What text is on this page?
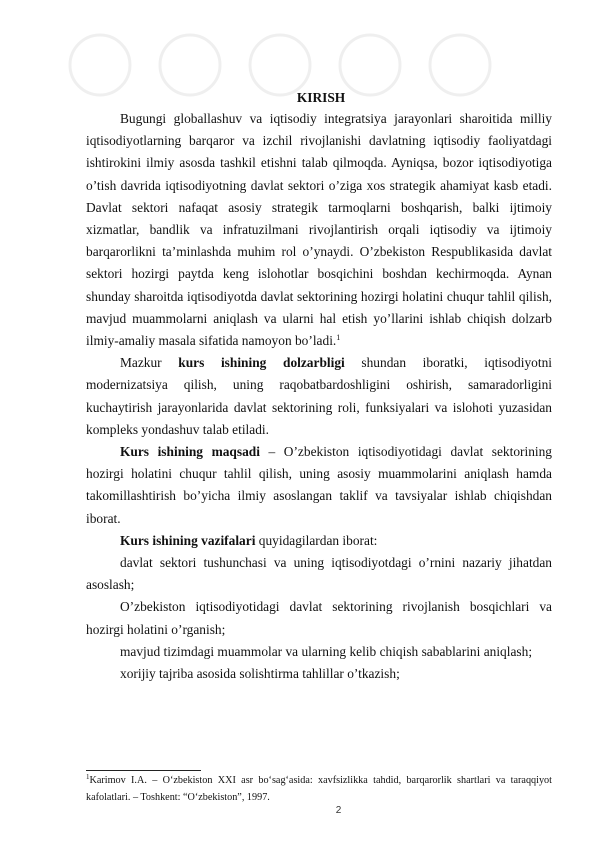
KIRISH

Bugungi globallashuv va iqtisodiy integratsiya jarayonlari sharoitida milliy iqtisodiyotlarning barqaror va izchil rivojlanishi davlatning iqtisodiy faoliyatdagi ishtirokini ilmiy asosda tashkil etishni talab qilmoqda. Ayniqsa, bozor iqtisodiyotiga o’tish davrida iqtisodiyotning davlat sektori o’ziga xos strategik ahamiyat kasb etadi. Davlat sektori nafaqat asosiy strategik tarmoqlarni boshqarish, balki ijtimoiy xizmatlar, bandlik va infratuzilmani rivojlantirish orqali iqtisodiy va ijtimoiy barqarorlikni ta’minlashda muhim rol o’ynaydi. O’zbekiston Respublikasida davlat sektori hozirgi paytda keng islohotlar bosqichini boshdan kechirmoqda. Aynan shunday sharoitda iqtisodiyotda davlat sektorining hozirgi holatini chuqur tahlil qilish, mavjud muammolarni aniqlash va ularni hal etish yo’llarini ishlab chiqish dolzarb ilmiy-amaliy masala sifatida namoyon bo’ladi.$^1$

Mazkur kurs ishining dolzarbligi shundan iboratki, iqtisodiyotni modernizatsiya qilish, uning raqobatbardoshligini oshirish, samaradorligini kuchaytirish jarayonlarida davlat sektorining roli, funksiyalari va islohoti yuzasidan kompleks yondashuv talab etiladi.

Kurs ishining maqsadi – O’zbekiston iqtisodiyotidagi davlat sektorining hozirgi holatini chuqur tahlil qilish, uning asosiy muammolarini aniqlash hamda takomillashtirish bo’yicha ilmiy asoslangan taklif va tavsiyalar ishlab chiqishdan iborat.

Kurs ishining vazifalari quyidagilardan iborat:

davlat sektori tushunchasi va uning iqtisodiyotdagi o’rnini nazariy jihatdan asoslash;

O’zbekiston iqtisodiyotidagi davlat sektorining rivojlanish bosqichlari va hozirgi holatini o’rganish;

mavjud tizimdagi muammolar va ularning kelib chiqish sabablarini aniqlash;

xorijiy tajriba asosida solishtirma tahlillar o’tkazish;

$^1$Karimov I.A. – O‘zbekiston XXI asr bo‘sag‘asida: xavfsizlikka tahdid, barqarorlik shartlari va taraqqiyot kafolatlari. – Toshkent: “O‘zbekiston”, 1997.
2
